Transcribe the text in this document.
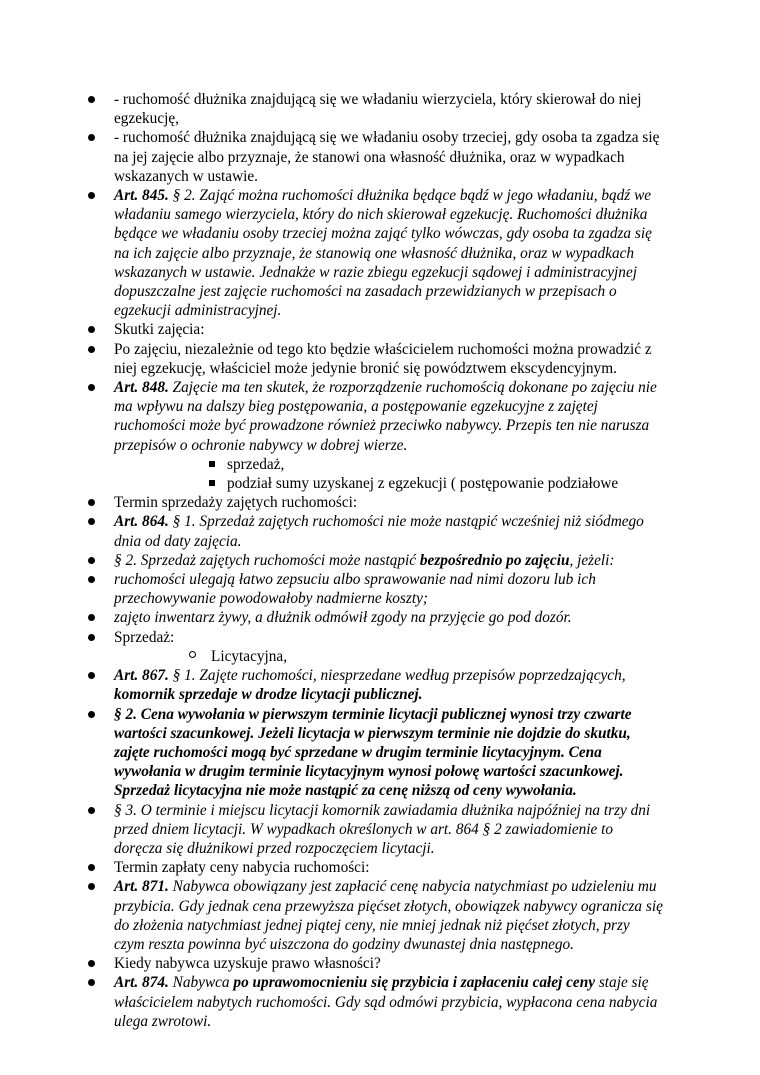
- ruchomość dłużnika znajdującą się we władaniu wierzyciela, który skierował do niej egzekucję,
- ruchomość dłużnika znajdującą się we władaniu osoby trzeciej, gdy osoba ta zgadza się na jej zajęcie albo przyznaje, że stanowi ona własność dłużnika, oraz w wypadkach wskazanych w ustawie.
Art. 845. § 2. Zająć można ruchomości dłużnika będące bądź w jego władaniu, bądź we władaniu samego wierzyciela, który do nich skierował egzekucję. Ruchomości dłużnika będące we władaniu osoby trzeciej można zająć tylko wówczas, gdy osoba ta zgadza się na ich zajęcie albo przyznaje, że stanowią one własność dłużnika, oraz w wypadkach wskazanych w ustawie. Jednakże w razie zbiegu egzekucji sądowej i administracyjnej dopuszczalne jest zajęcie ruchomości na zasadach przewidzianych w przepisach o egzekucji administracyjnej.
Skutki zajęcia:
Po zajęciu, niezależnie od tego kto będzie właścicielem ruchomości można prowadzić z niej egzekucję, właściciel może jedynie bronić się powództwem ekscydencyjnym.
Art. 848. Zajęcie ma ten skutek, że rozporządzenie ruchomością dokonane po zajęciu nie ma wpływu na dalszy bieg postępowania, a postępowanie egzekucyjne z zajętej ruchomości może być prowadzone również przeciwko nabywcy. Przepis ten nie narusza przepisów o ochronie nabywcy w dobrej wierze.
sprzedaż,
podział sumy uzyskanej z egzekucji ( postępowanie podziałowe
Termin sprzedaży zajętych ruchomości:
Art. 864. § 1. Sprzedaż zajętych ruchomości nie może nastąpić wcześniej niż siódmego dnia od daty zajęcia.
§ 2. Sprzedaż zajętych ruchomości może nastąpić bezpośrednio po zajęciu, jeżeli:
ruchomości ulegają łatwo zepsuciu albo sprawowanie nad nimi dozoru lub ich przechowywanie powodowałoby nadmierne koszty;
zajęto inwentarz żywy, a dłużnik odmówił zgody na przyjęcie go pod dozór.
Sprzedaż:
Licytacyjna,
Art. 867. § 1. Zajęte ruchomości, niesprzedane według przepisów poprzedzających,
komornik sprzedaje w drodze licytacji publicznej.
§ 2. Cena wywołania w pierwszym terminie licytacji publicznej wynosi trzy czwarte wartości szacunkowej. Jeżeli licytacja w pierwszym terminie nie dojdzie do skutku, zajęte ruchomości mogą być sprzedane w drugim terminie licytacyjnym. Cena wywołania w drugim terminie licytacyjnym wynosi połowę wartości szacunkowej. Sprzedaż licytacyjna nie może nastąpić za cenę niższą od ceny wywołania.
§ 3. O terminie i miejscu licytacji komornik zawiadamia dłużnika najpóźniej na trzy dni przed dniem licytacji. W wypadkach określonych w art. 864 § 2 zawiadomienie to doręcza się dłużnikowi przed rozpoczęciem licytacji.
Termin zapłaty ceny nabycia ruchomości:
Art. 871. Nabywca obowiązany jest zapłacić cenę nabycia natychmiast po udzieleniu mu przybicia. Gdy jednak cena przewyższa pięćset złotych, obowiązek nabywcy ogranicza się do złożenia natychmiast jednej piątej ceny, nie mniej jednak niż pięćset złotych, przy czym reszta powinna być uiszczona do godziny dwunastej dnia następnego.
Kiedy nabywca uzyskuje prawo własności?
Art. 874. Nabywca po uprawomocnieniu się przybicia i zapłaceniu całej ceny staje się właścicielem nabytych ruchomości. Gdy sąd odmówi przybicia, wypłacona cena nabycia ulega zwrotowi.
